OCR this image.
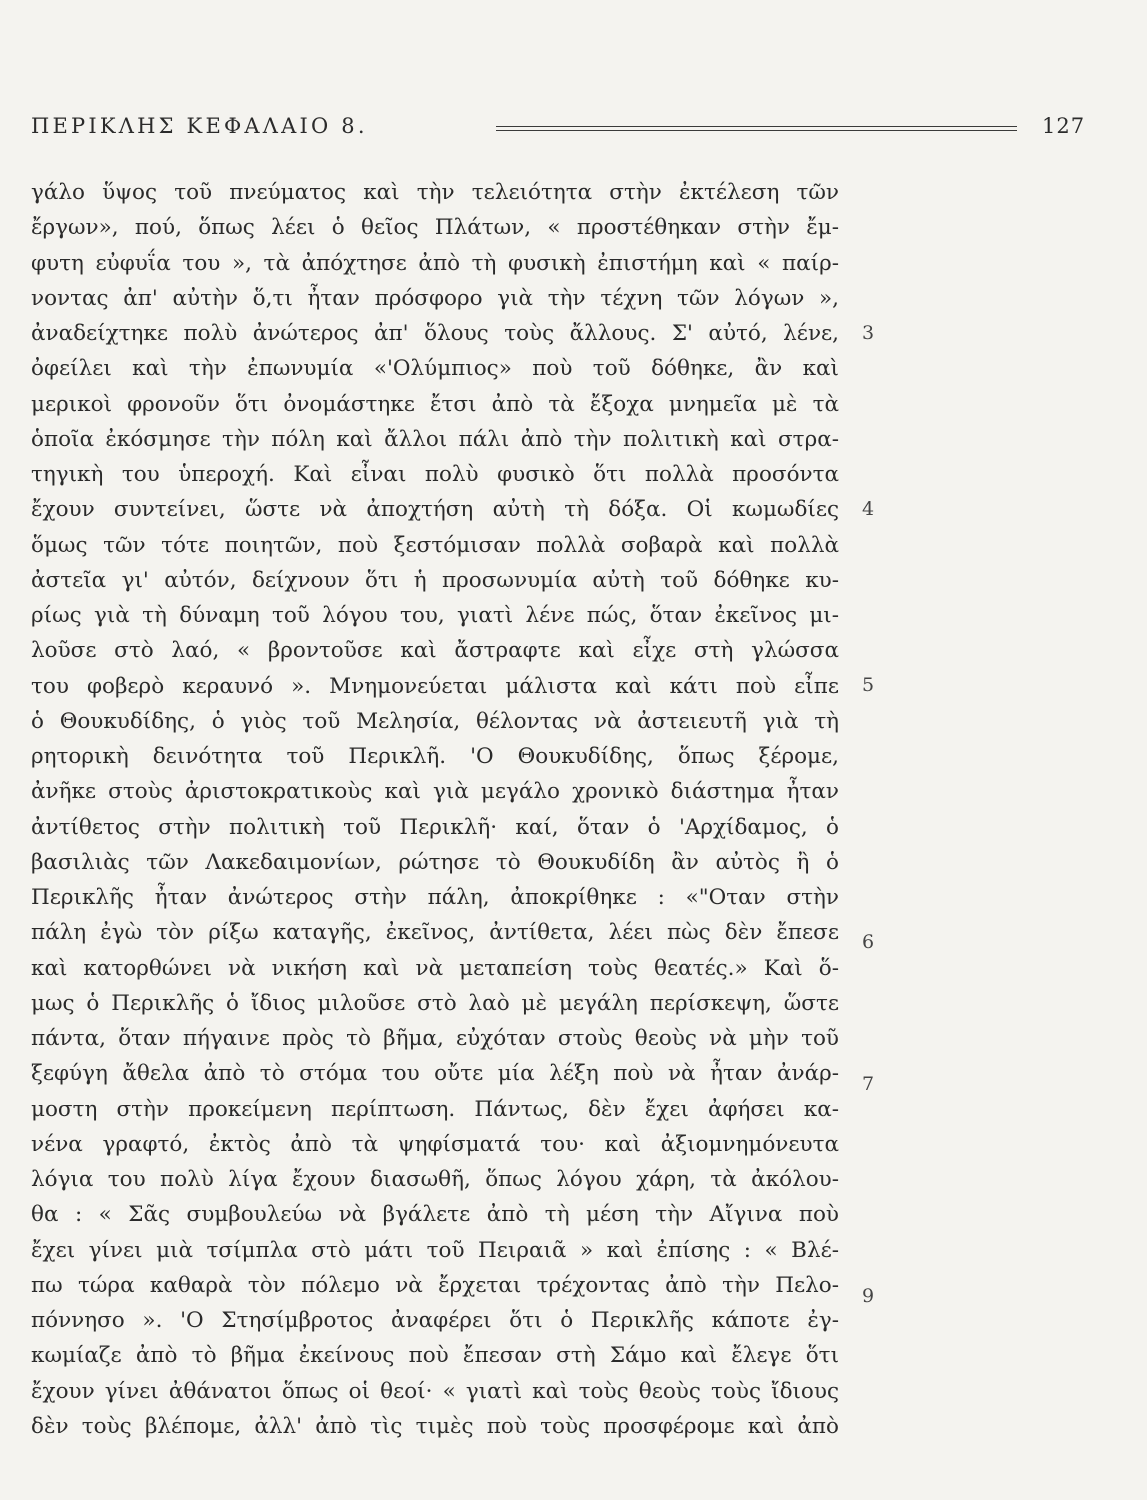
ΠΕΡΙΚΛΗΣ ΚΕΦΑΛΑΙΟ 8.	127
γάλο ὕψος τοῦ πνεύματος καὶ τὴν τελειότητα στὴν ἐκτέλεση τῶν
ἔργων», πού, ὅπως λέει ὁ θεῖος Πλάτων, « προστέθηκαν στὴν ἔμ-
φυτη εὐφυΐα του », τὰ ἀπόχτησε ἀπὸ τὴ φυσικὴ ἐπιστήμη καὶ « παίρ-
νοντας ἀπ' αὐτὴν ὅ,τι ἦταν πρόσφορο γιὰ τὴν τέχνη τῶν λόγων »,
ἀναδείχτηκε πολὺ ἀνώτερος ἀπ' ὅλους τοὺς ἄλλους. Σ' αὐτό, λένε,
ὀφείλει καὶ τὴν ἐπωνυμία «'Ολύμπιος» ποὺ τοῦ δόθηκε, ἂν καὶ
μερικοὶ φρονοῦν ὅτι ὀνομάστηκε ἔτσι ἀπὸ τὰ ἔξοχα μνημεῖα μὲ τὰ
ὁποῖα ἐκόσμησε τὴν πόλη καὶ ἄλλοι πάλι ἀπὸ τὴν πολιτικὴ καὶ στρα-
τηγικὴ του ὑπεροχή. Καὶ εἶναι πολὺ φυσικὸ ὅτι πολλὰ προσόντα
ἔχουν συντείνει, ὥστε νὰ ἀποχτήση αὐτὴ τὴ δόξα. Οἱ κωμωδίες
ὅμως τῶν τότε ποιητῶν, ποὺ ξεστόμισαν πολλὰ σοβαρὰ καὶ πολλὰ
ἀστεῖα γι' αὐτόν, δείχνουν ὅτι ἡ προσωνυμία αὐτὴ τοῦ δόθηκε κυ-
ρίως γιὰ τὴ δύναμη τοῦ λόγου του, γιατὶ λένε πώς, ὅταν ἐκεῖνος μι-
λοῦσε στὸ λαό, « βροντοῦσε καὶ ἄστραφτε καὶ εἶχε στὴ γλώσσα
του φοβερὸ κεραυνό ». Μνημονεύεται μάλιστα καὶ κάτι ποὺ εἶπε
ὁ Θουκυδίδης, ὁ γιὸς τοῦ Μελησία, θέλοντας νὰ ἀστειευτῆ γιὰ τὴ
ρητορικὴ δεινότητα τοῦ Περικλῆ. 'Ο Θουκυδίδης, ὅπως ξέρομε,
ἀνῆκε στοὺς ἀριστοκρατικοὺς καὶ γιὰ μεγάλο χρονικὸ διάστημα ἦταν
ἀντίθετος στὴν πολιτικὴ τοῦ Περικλῆ· καί, ὅταν ὁ 'Αρχίδαμος, ὁ
βασιλιὰς τῶν Λακεδαιμονίων, ρώτησε τὸ Θουκυδίδη ἂν αὐτὸς ἢ ὁ
Περικλῆς ἦταν ἀνώτερος στὴν πάλη, ἀποκρίθηκε : «"Οταν στὴν
πάλη ἐγὼ τὸν ρίξω καταγῆς, ἐκεῖνος, ἀντίθετα, λέει πὼς δὲν ἔπεσε
καὶ κατορθώνει νὰ νικήση καὶ νὰ μεταπείση τοὺς θεατές.» Καὶ ὅ-
μως ὁ Περικλῆς ὁ ἴδιος μιλοῦσε στὸ λαὸ μὲ μεγάλη περίσκεψη, ὥστε
πάντα, ὅταν πήγαινε πρὸς τὸ βῆμα, εὐχόταν στοὺς θεοὺς νὰ μὴν τοῦ
ξεφύγη ἄθελα ἀπὸ τὸ στόμα του οὔτε μία λέξη ποὺ νὰ ἦταν ἀνάρ-
μοστη στὴν προκείμενη περίπτωση. Πάντως, δὲν ἔχει ἀφήσει κα-
νένα γραφτό, ἐκτὸς ἀπὸ τὰ ψηφίσματά του· καὶ ἀξιομνημόνευτα
λόγια του πολὺ λίγα ἔχουν διασωθῆ, ὅπως λόγου χάρη, τὰ ἀκόλου-
θα : « Σᾶς συμβουλεύω νὰ βγάλετε ἀπὸ τὴ μέση τὴν Αἴγινα ποὺ
ἔχει γίνει μιὰ τσίμπλα στὸ μάτι τοῦ Πειραιᾶ » καὶ ἐπίσης : « Βλέ-
πω τώρα καθαρὰ τὸν πόλεμο νὰ ἔρχεται τρέχοντας ἀπὸ τὴν Πελο-
πόννησο ». 'Ο Στησίμβροτος ἀναφέρει ὅτι ὁ Περικλῆς κάποτε ἐγ-
κωμίαζε ἀπὸ τὸ βῆμα ἐκείνους ποὺ ἔπεσαν στὴ Σάμο καὶ ἔλεγε ὅτι
ἔχουν γίνει ἀθάνατοι ὅπως οἱ θεοί· « γιατὶ καὶ τοὺς θεοὺς τοὺς ἴδιους
δὲν τοὺς βλέπομε, ἀλλ' ἀπὸ τὶς τιμὲς ποὺ τοὺς προσφέρομε καὶ ἀπὸ
3
4
5
6
7
9
